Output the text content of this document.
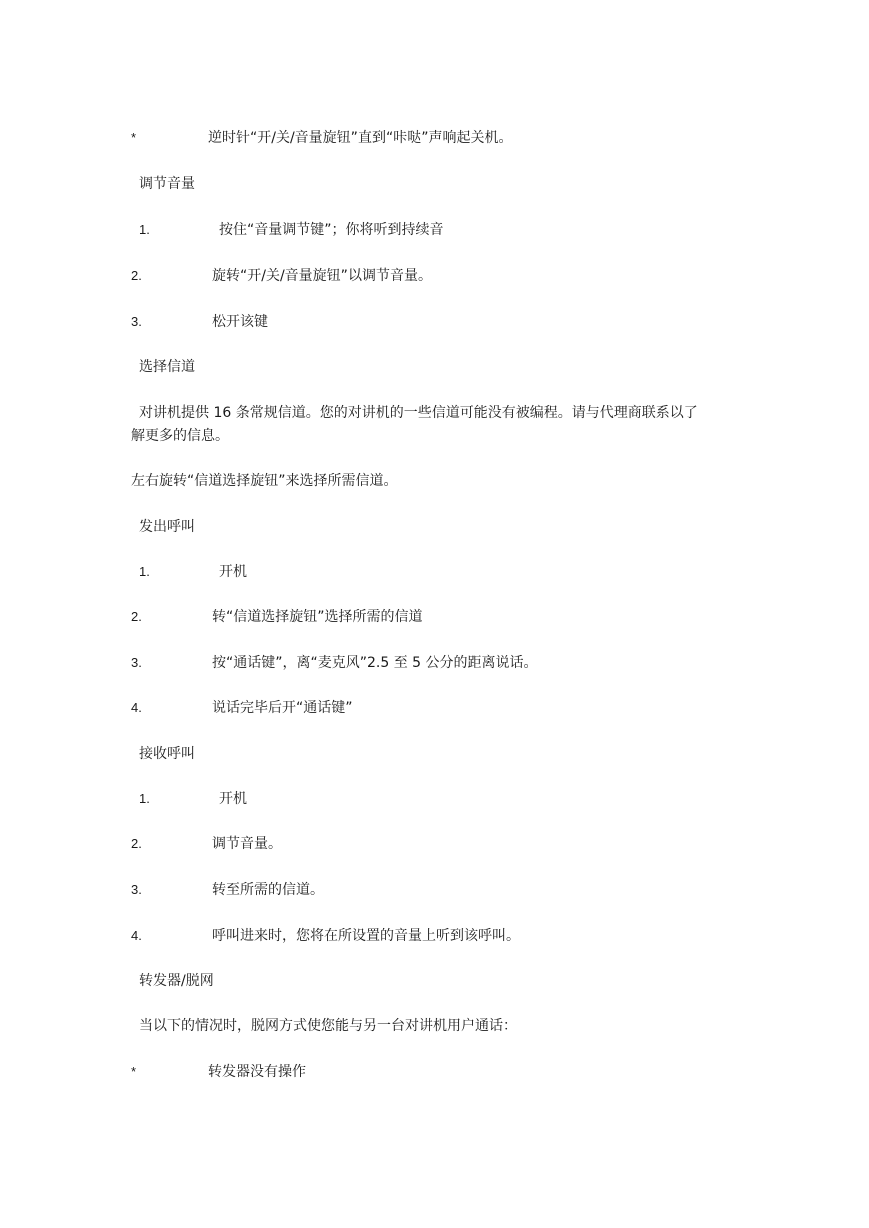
*	逆时针“开/关/音量旋钮”直到“咔哒”声响起关机。
调节音量
1.	按住“音量调节键”；你将听到持续音
2.	旋转“开/关/音量旋钮”以调节音量。
3.	松开该键
选择信道
对讲机提供 16 条常规信道。您的对讲机的一些信道可能没有被编程。请与代理商联系以了
解更多的信息。
左右旋转“信道选择旋钮”来选择所需信道。
发出呼叫
1.	开机
2.	转“信道选择旋钮”选择所需的信道
3.	按“通话键”，离“麦克风”2.5 至 5 公分的距离说话。
4.	说话完毕后开“通话键”
接收呼叫
1.	开机
2.	调节音量。
3.	转至所需的信道。
4.	呼叫进来时，您将在所设置的音量上听到该呼叫。
转发器/脱网
当以下的情况时，脱网方式使您能与另一台对讲机用户通话：
*	转发器没有操作
